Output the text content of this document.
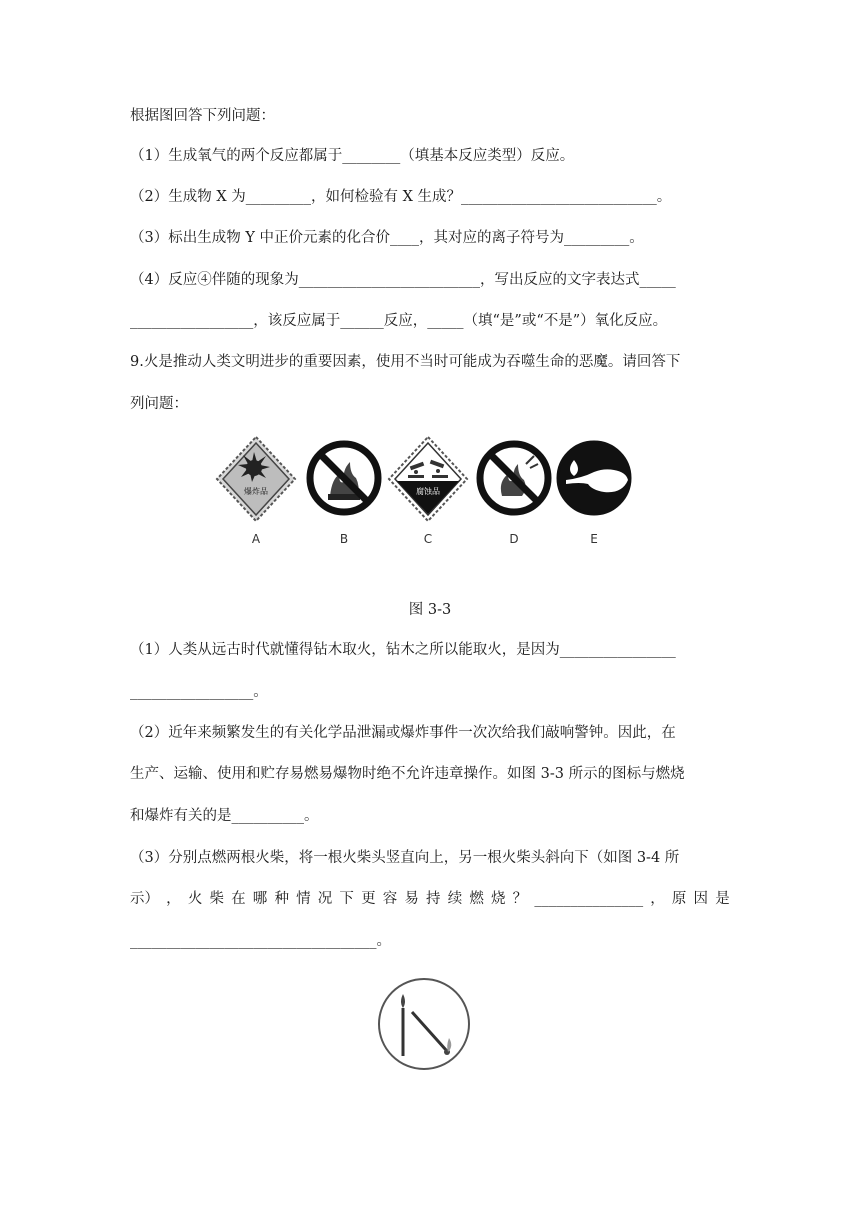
根据图回答下列问题：
（1）生成氧气的两个反应都属于________（填基本反应类型）反应。
（2）生成物 X 为_________，如何检验有 X 生成？___________________________。
（3）标出生成物 Y 中正价元素的化合价____，其对应的离子符号为_________。
（4）反应④伴随的现象为_________________________，写出反应的文字表达式_____
_________________，该反应属于______反应，_____（填“是”或“不是”）氧化反应。
9.火是推动人类文明进步的重要因素，使用不当时可能成为吞噬生命的恶魔。请回答下
列问题：
爆炸品
A	B
腐蚀品
C	D	E
图 3-3
（1）人类从远古时代就懂得钻木取火，钻木之所以能取火，是因为________________
_________________。
（2）近年来频繁发生的有关化学品泄漏或爆炸事件一次次给我们敲响警钟。因此，在
生产、运输、使用和贮存易燃易爆物时绝不允许违章操作。如图 3-3 所示的图标与燃烧
和爆炸有关的是__________。
（3）分别点燃两根火柴，将一根火柴头竖直向上，另一根火柴头斜向下（如图 3-4 所
示） ， 火 柴 在 哪 种 情 况 下 更 容 易 持 续 燃 烧 ？ _______________ ， 原 因 是
__________________________________。
